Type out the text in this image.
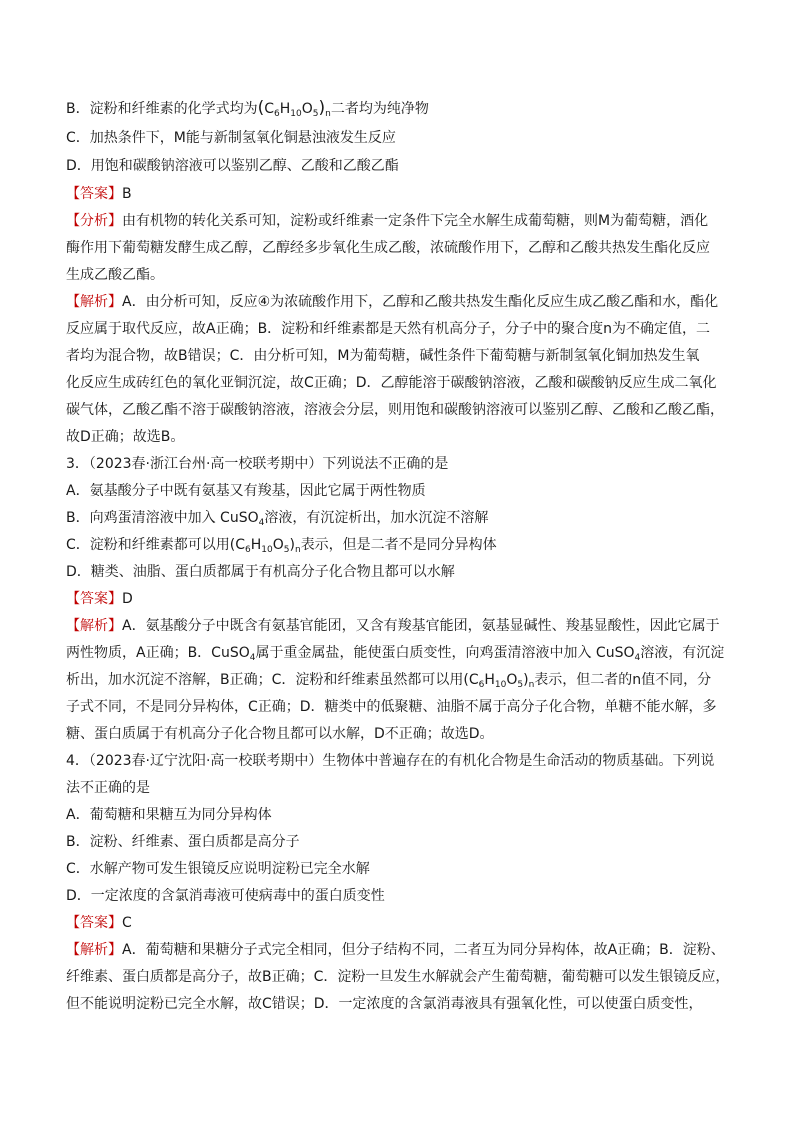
B．淀粉和纤维素的化学式均为$(C_6H_{10}O_5)_n$二者均为纯净物
C．加热条件下，M能与新制氢氧化铜悬浊液发生反应
D．用饱和碳酸钠溶液可以鉴别乙醇、乙酸和乙酸乙酯
【答案】B
【分析】由有机物的转化关系可知，淀粉或纤维素一定条件下完全水解生成葡萄糖，则M为葡萄糖，酒化
酶作用下葡萄糖发酵生成乙醇，乙醇经多步氧化生成乙酸，浓硫酸作用下，乙醇和乙酸共热发生酯化反应
生成乙酸乙酯。
【解析】A．由分析可知，反应④为浓硫酸作用下，乙醇和乙酸共热发生酯化反应生成乙酸乙酯和水，酯化
反应属于取代反应，故A正确；B．淀粉和纤维素都是天然有机高分子，分子中的聚合度n为不确定值，二
者均为混合物，故B错误；C．由分析可知，M为葡萄糖，碱性条件下葡萄糖与新制氢氧化铜加热发生氧
化反应生成砖红色的氧化亚铜沉淀，故C正确；D．乙醇能溶于碳酸钠溶液，乙酸和碳酸钠反应生成二氧化
碳气体，乙酸乙酯不溶于碳酸钠溶液，溶液会分层，则用饱和碳酸钠溶液可以鉴别乙醇、乙酸和乙酸乙酯，
故D正确；故选B。
3．（2023春·浙江台州·高一校联考期中）下列说法不正确的是
A．氨基酸分子中既有氨基又有羧基，因此它属于两性物质
B．向鸡蛋清溶液中加入 CuSO$_4$溶液，有沉淀析出，加水沉淀不溶解
C．淀粉和纤维素都可以用$(C_6H_{10}O_5)_n$表示，但是二者不是同分异构体
D．糖类、油脂、蛋白质都属于有机高分子化合物且都可以水解
【答案】D
【解析】A．氨基酸分子中既含有氨基官能团，又含有羧基官能团，氨基显碱性、羧基显酸性，因此它属于
两性物质，A正确；B．CuSO$_4$属于重金属盐，能使蛋白质变性，向鸡蛋清溶液中加入 CuSO$_4$溶液，有沉淀
析出，加水沉淀不溶解，B正确；C．淀粉和纤维素虽然都可以用$(C_6H_{10}O_5)_n$表示，但二者的n值不同，分
子式不同，不是同分异构体，C正确；D．糖类中的低聚糖、油脂不属于高分子化合物，单糖不能水解，多
糖、蛋白质属于有机高分子化合物且都可以水解，D不正确；故选D。
4．（2023春·辽宁沈阳·高一校联考期中）生物体中普遍存在的有机化合物是生命活动的物质基础。下列说
法不正确的是
A．葡萄糖和果糖互为同分异构体
B．淀粉、纤维素、蛋白质都是高分子
C．水解产物可发生银镜反应说明淀粉已完全水解
D．一定浓度的含氯消毒液可使病毒中的蛋白质变性
【答案】C
【解析】A．葡萄糖和果糖分子式完全相同，但分子结构不同，二者互为同分异构体，故A正确；B．淀粉、
纤维素、蛋白质都是高分子，故B正确；C．淀粉一旦发生水解就会产生葡萄糖，葡萄糖可以发生银镜反应，
但不能说明淀粉已完全水解，故C错误；D．一定浓度的含氯消毒液具有强氧化性，可以使蛋白质变性，
